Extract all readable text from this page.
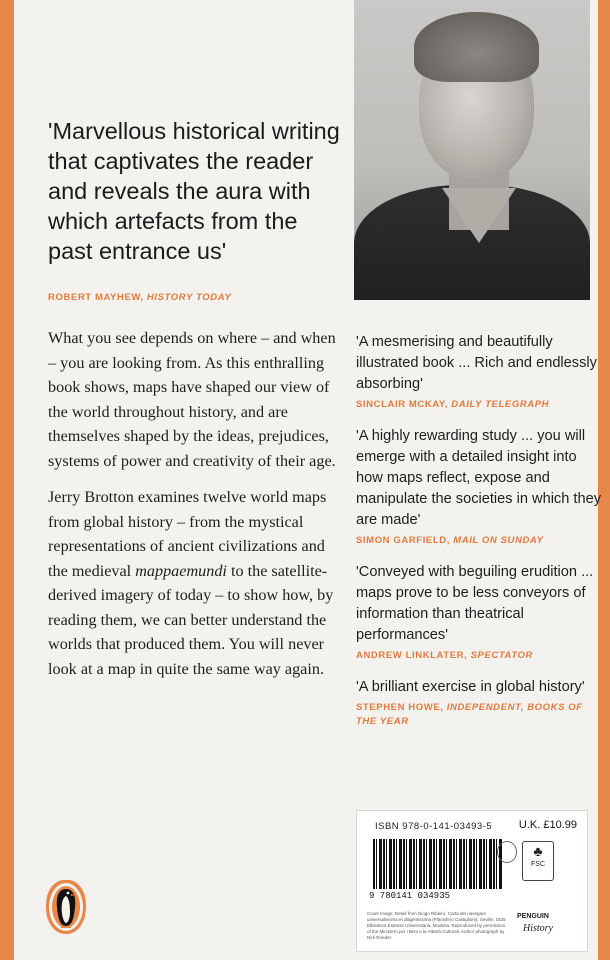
'Marvellous historical writing that captivates the reader and reveals the aura with which artefacts from the past entrance us'
ROBERT MAYHEW, HISTORY TODAY

What you see depends on where – and when – you are looking from. As this enthralling book shows, maps have shaped our view of the world throughout history, and are themselves shaped by the ideas, prejudices, systems of power and creativity of their age.

Jerry Brotton examines twelve world maps from global history – from the mystical representations of ancient civilizations and the medieval mappaemundi to the satellite-derived imagery of today – to show how, by reading them, we can better understand the worlds that produced them. You will never look at a map in quite the same way again.

'A mesmerising and beautifully illustrated book ... Rich and endlessly absorbing'
SINCLAIR MCKAY, DAILY TELEGRAPH
'A highly rewarding study ... you will emerge with a detailed insight into how maps reflect, expose and manipulate the societies in which they are made'
SIMON GARFIELD, MAIL ON SUNDAY
'Conveyed with beguiling erudition ... maps prove to be less conveyors of information than theatrical performances'
ANDREW LINKLATER, SPECTATOR
'A brilliant exercise in global history'
STEPHEN HOWE, INDEPENDENT, BOOKS OF THE YEAR
ISBN 978-0-141-03493-5 U.K. £10.99
9 780141 034935
♣
FSC
Cover image: Detail from Diogo Ribeiro, Carta del navegare universalissima et diligentissima (Planisfero Castiglioni), Seville, 1525. Biblioteca Estense Universitaria, Modena. Reproduced by permission of the Ministero per i Beni e le Attività Culturali. Author photograph by Dirk Roeder.
PENGUIN
History
